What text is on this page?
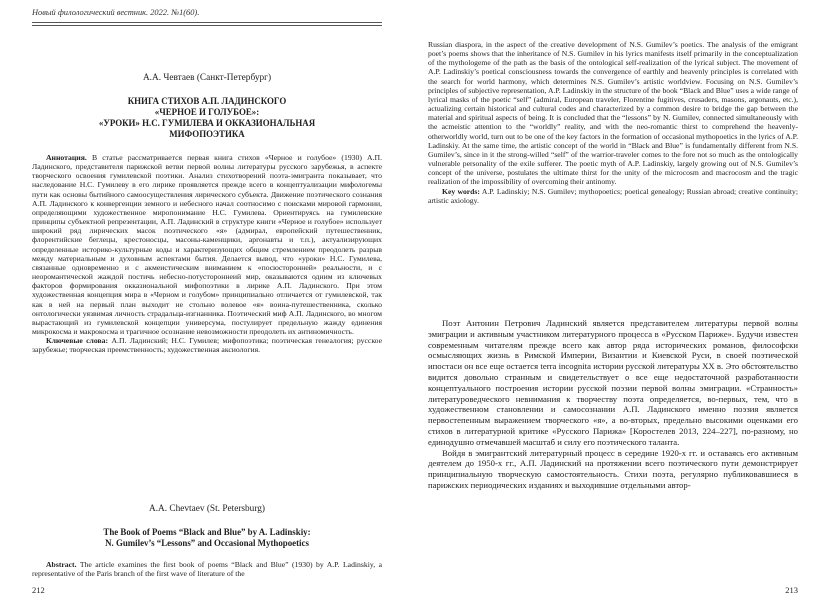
Новый филологический вестник. 2022. №1(60).
А.А. Чевтаев (Санкт-Петербург)
КНИГА СТИХОВ А.П. ЛАДИНСКОГО
«ЧЕРНОЕ И ГОЛУБОЕ»:
«УРОКИ» Н.С. ГУМИЛЕВА И ОККАЗИОНАЛЬНАЯ
МИФОПОЭТИКА

Аннотация. В статье рассматривается первая книга стихов «Черное и голубое» (1930) А.П. Ладинского, представителя парижской ветви первой волны литературы русского зарубежья, в аспекте творческого освоения гумилевской поэтики. Анализ стихотворений поэта-эмигранта показывает, что наследование Н.С. Гумилеву в его лирике проявляется прежде всего в концептуализации мифологемы пути как основы бытийного самоосуществления лирического субъекта. Движение поэтического сознания А.П. Ладинского к конвергенции земного и небесного начал соотносимо с поисками мировой гармонии, определяющими художественное миропонимание Н.С. Гумилева. Ориентируясь на гумилевские принципы субъектной репрезентации, А.П. Ладинский в структуре книги «Черное и голубое» использует широкий ряд лирических масок поэтического «я» (адмирал, европейский путешественник, флорентийские беглецы, крестоносцы, масоны-каменщики, аргонавты и т.п.), актуализирующих определенные историко-культурные коды и характеризующих общим стремлением преодолеть разрыв между материальным и духовным аспектами бытия. Делается вывод, что «уроки» Н.С. Гумилева, связанные одновременно и с акмеистическим вниманием к «посюсторонней» реальности, и с неоромантической жаждой постичь небесно-потустороннеий мир, оказываются одним из ключевых факторов формирования окказиональной мифопоэтики в лирике А.П. Ладинского. При этом художественная концепция мира в «Черном и голубом» принципиально отличается от гумилевской, так как в ней на первый план выходит не стольно волевое «я» воина-путешественника, сколько онтологически уязвимая личность страдальца-изгнанника. Поэтический миф А.П. Ладинского, во многом вырастающий из гумилевской концепции универсума, постулирует предельную жажду единения микрокосма и макрокосма и трагичное осознание невозможности преодолеть их антиномичность.

Ключевые слова: А.П. Ладинский; Н.С. Гумилев; мифопоэтика; поэтическая генеалогия; русское зарубежье; творческая преемственность; художественная аксиология.

A.A. Chevtaev (St. Petersburg)
The Book of Poems “Black and Blue” by A. Ladinskiy:
N. Gumilev’s “Lessons” and Occasional Mythopoetics

Abstract. The article examines the first book of poems “Black and Blue” (1930) by A.P. Ladinskiy, a representative of the Paris branch of the first wave of literature of the

212

Russian diaspora, in the aspect of the creative development of N.S. Gumilev’s poetics. The analysis of the emigrant poet’s poems shows that the inheritance of N.S. Gumilev in his lyrics manifests itself primarily in the conceptualization of the mythologeme of the path as the basis of the ontological self-realization of the lyrical subject. The movement of A.P. Ladinskiy’s poetical consciousness towards the convergence of earthly and heavenly principles is correlated with the search for world harmony, which determines N.S. Gumilev’s artistic worldview. Focusing on N.S. Gumilev’s principles of subjective representation, A.P. Ladinskiy in the structure of the book “Black and Blue” uses a wide range of lyrical masks of the poetic “self” (admiral, European traveler, Florentine fugitives, crusaders, masons, argonauts, etc.), actualizing certain historical and cultural codes and characterized by a common desire to bridge the gap between the material and spiritual aspects of being. It is concluded that the “lessons” by N. Gumilev, connected simultaneously with the acmeistic attention to the “worldly” reality, and with the neo-romantic thirst to comprehend the heavenly-otherworldly world, turn out to be one of the key factors in the formation of occasional mythopoetics in the lyrics of A.P. Ladinskiy. At the same time, the artistic concept of the world in “Black and Blue” is fundamentally different from N.S. Gumilev’s, since in it the strong-willed “self” of the warrior-traveler comes to the fore not so much as the ontologically vulnerable personality of the exile sufferer. The poetic myth of A.P. Ladinskiy, largely growing out of N.S. Gumilev’s concept of the universe, postulates the ultimate thirst for the unity of the microcosm and macrocosm and the tragic realization of the impossibility of overcoming their antinomy.

Key words: A.P. Ladinskiy; N.S. Gumilev; mythopoetics; poetical genealogy; Russian abroad; creative continuity; artistic axiology.

Поэт Антонин Петрович Ладинский является представителем литературы первой волны эмиграции и активным участником литературного процесса в «Русском Париже». Будучи известен современным читателям прежде всего как автор ряда исторических романов, философски осмысляющих жизнь в Римской Империи, Византии и Киевской Руси, в своей поэтической ипостаси он все еще остается terra incognita истории русской литературы XX в. Это обстоятельство видится довольно странным и свидетельствует о все еще недостаточной разработанности концептуального построения истории русской поэзии первой волны эмиграции. «Странность» литературоведческого невнимания к творчеству поэта определяется, во-первых, тем, что в художественном становлении и самосознании А.П. Ладинского именно поэзия является первостепенным выражением творческого «я», а во-вторых, предельно высокими оценками его стихов в литературной критике «Русского Парижа» [Коростелев 2013, 224–227], по-разному, но единодушно отмечавшей масштаб и силу его поэтического таланта.

Войдя в эмигрантский литературный процесс в середине 1920-х гг. и оставаясь его активным деятелем до 1950-х гг., А.П. Ладинский на протяжении всего поэтического пути демонстрирует принципиальную творческую самостоятельность. Стихи поэта, регулярно публиковавшиеся в парижских периодических изданиях и выходившие отдельными автор-

213
